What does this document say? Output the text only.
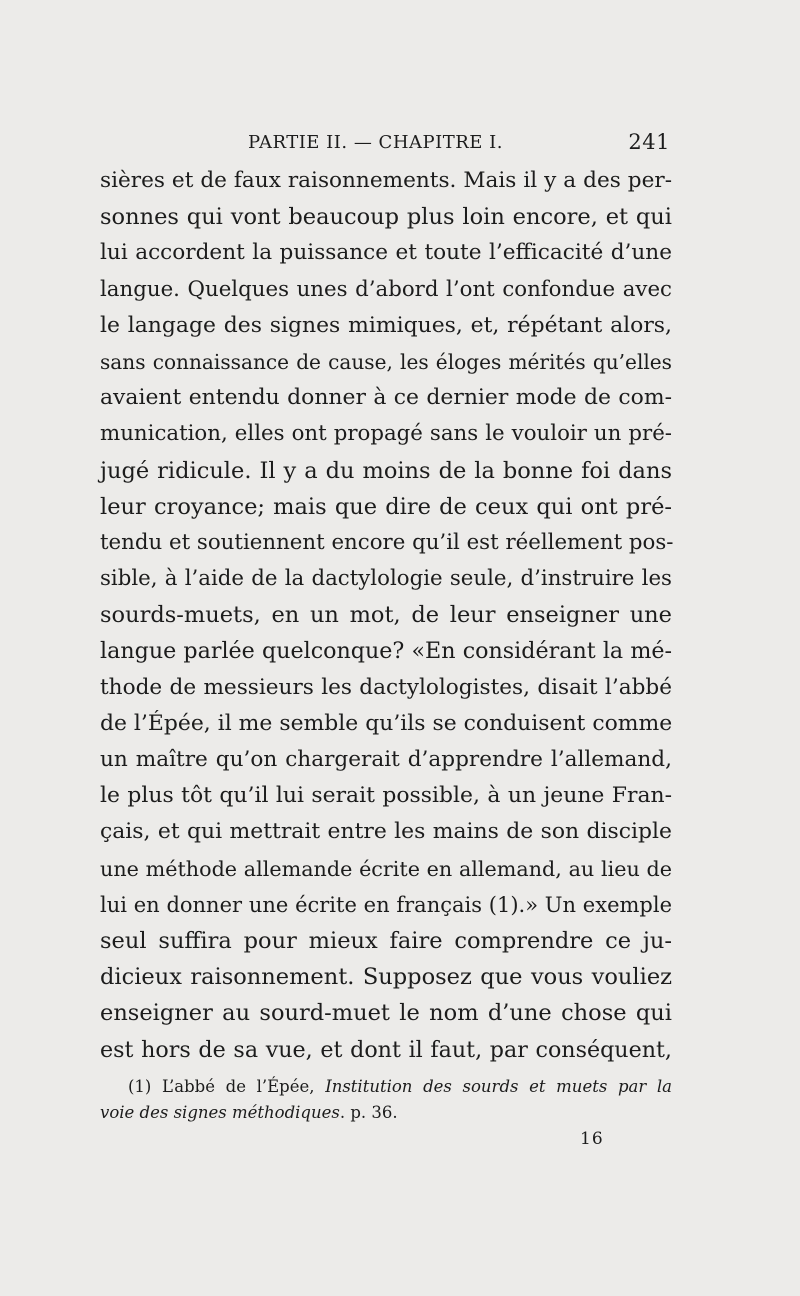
PARTIE II. — CHAPITRE I.	241
sières et de faux raisonnements. Mais il y a des per-
sonnes qui vont beaucoup plus loin encore, et qui
lui accordent la puissance et toute l’efficacité d’une
langue. Quelques unes d’abord l’ont confondue avec
le langage des signes mimiques, et, répétant alors,
sans connaissance de cause, les éloges mérités qu’elles
avaient entendu donner à ce dernier mode de com-
munication, elles ont propagé sans le vouloir un pré-
jugé ridicule. Il y a du moins de la bonne foi dans
leur croyance; mais que dire de ceux qui ont pré-
tendu et soutiennent encore qu’il est réellement pos-
sible, à l’aide de la dactylologie seule, d’instruire les
sourds-muets, en un mot, de leur enseigner une
langue parlée quelconque? «En considérant la mé-
thode de messieurs les dactylologistes, disait l’abbé
de l’Épée, il me semble qu’ils se conduisent comme
un maître qu’on chargerait d’apprendre l’allemand,
le plus tôt qu’il lui serait possible, à un jeune Fran-
çais, et qui mettrait entre les mains de son disciple
une méthode allemande écrite en allemand, au lieu de
lui en donner une écrite en français (1).» Un exemple
seul suffira pour mieux faire comprendre ce ju-
dicieux raisonnement. Supposez que vous vouliez
enseigner au sourd-muet le nom d’une chose qui
est hors de sa vue, et dont il faut, par conséquent,
(1) L’abbé de l’Épée, Institution des sourds et muets par la
voie des signes méthodiques. p. 36.
16
